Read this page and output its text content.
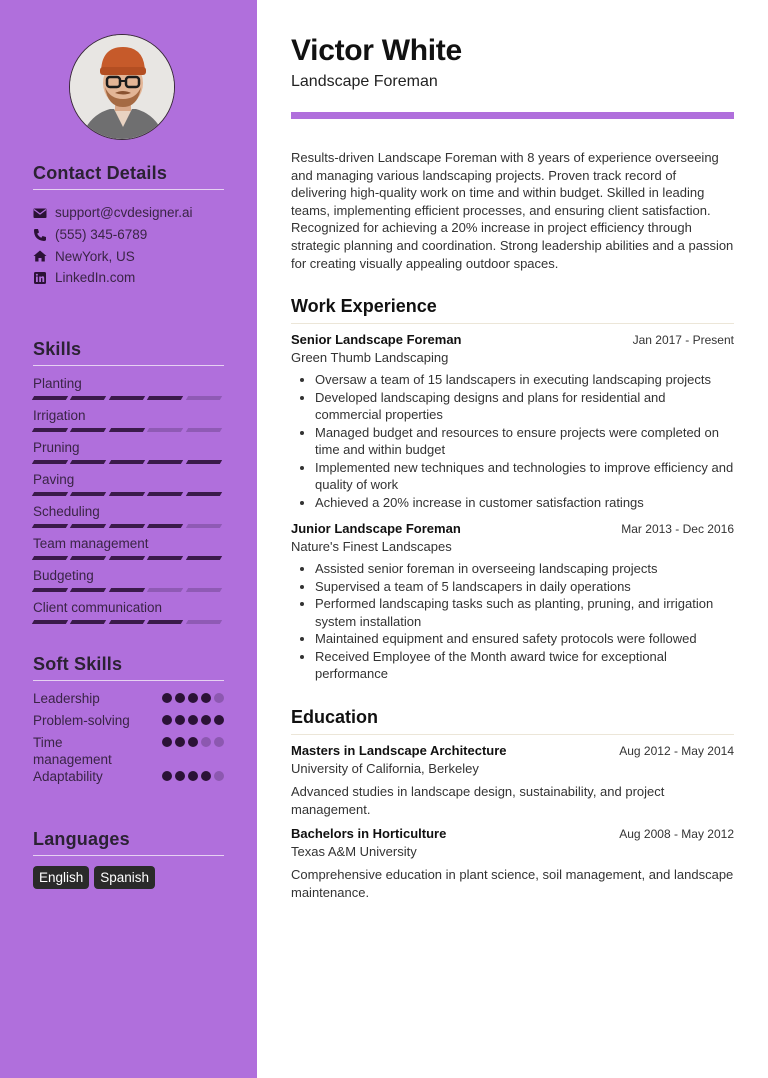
Contact Details
support@cvdesigner.ai
(555) 345-6789
NewYork, US
LinkedIn.com
Skills
Planting
Irrigation
Pruning
Paving
Scheduling
Team management
Budgeting
Client communication
Soft Skills
Leadership
Problem-solving
Time management
Adaptability
Languages
English	Spanish
Victor White
Landscape Foreman
Results-driven Landscape Foreman with 8 years of experience overseeing and managing various landscaping projects. Proven track record of delivering high-quality work on time and within budget. Skilled in leading teams, implementing efficient processes, and ensuring client satisfaction. Recognized for achieving a 20% increase in project efficiency through strategic planning and coordination. Strong leadership abilities and a passion for creating visually appealing outdoor spaces.
Work Experience
Senior Landscape Foreman	Jan 2017 - Present
Green Thumb Landscaping
• Oversaw a team of 15 landscapers in executing landscaping projects
• Developed landscaping designs and plans for residential and commercial properties
• Managed budget and resources to ensure projects were completed on time and within budget
• Implemented new techniques and technologies to improve efficiency and quality of work
• Achieved a 20% increase in customer satisfaction ratings
Junior Landscape Foreman	Mar 2013 - Dec 2016
Nature's Finest Landscapes
• Assisted senior foreman in overseeing landscaping projects
• Supervised a team of 5 landscapers in daily operations
• Performed landscaping tasks such as planting, pruning, and irrigation system installation
• Maintained equipment and ensured safety protocols were followed
• Received Employee of the Month award twice for exceptional performance
Education
Masters in Landscape Architecture	Aug 2012 - May 2014
University of California, Berkeley
Advanced studies in landscape design, sustainability, and project management.
Bachelors in Horticulture	Aug 2008 - May 2012
Texas A&M University
Comprehensive education in plant science, soil management, and landscape maintenance.
